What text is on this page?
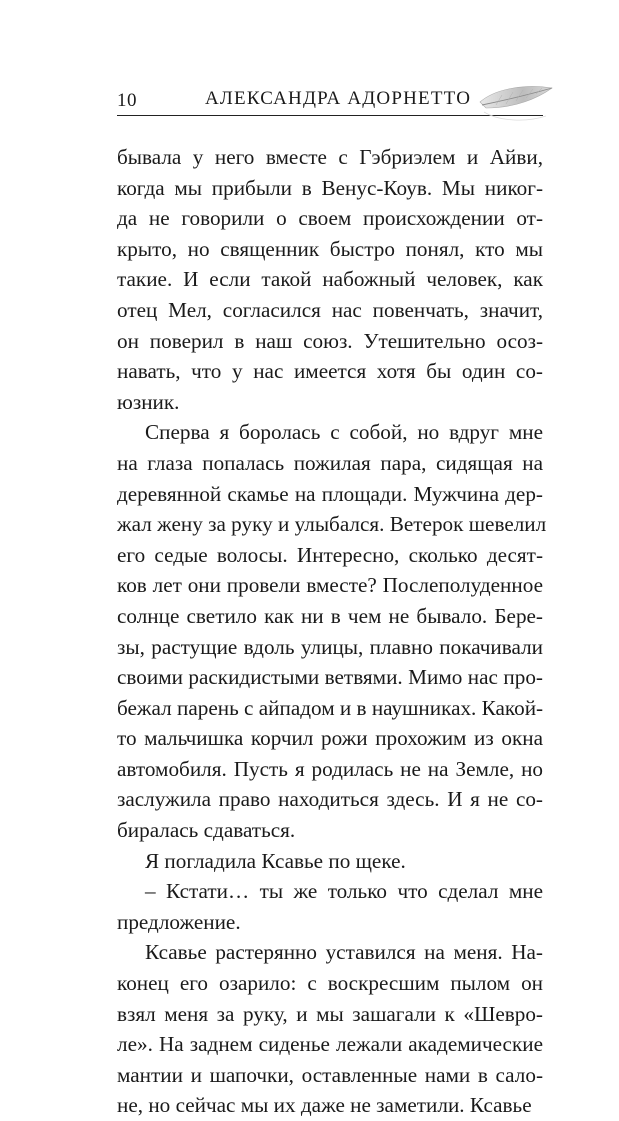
10	АЛЕКСАНДРА АДОРНЕТТО
бывала у него вместе с Гэбриэлем и Айви,
когда мы прибыли в Венус-Коув. Мы никог-
да не говорили о своем происхождении от-
крыто, но священник быстро понял, кто мы
такие. И если такой набожный человек, как
отец Мел, согласился нас повенчать, значит,
он поверил в наш союз. Утешительно осоз-
навать, что у нас имеется хотя бы один со-
юзник.
Сперва я боролась с собой, но вдруг мне
на глаза попалась пожилая пара, сидящая на
деревянной скамье на площади. Мужчина дер-
жал жену за руку и улыбался. Ветерок шевелил
его седые волосы. Интересно, сколько десят-
ков лет они провели вместе? Послеполуденное
солнце светило как ни в чем не бывало. Бере-
зы, растущие вдоль улицы, плавно покачивали
своими раскидистыми ветвями. Мимо нас про-
бежал парень с айпадом и в наушниках. Какой-
то мальчишка корчил рожи прохожим из окна
автомобиля. Пусть я родилась не на Земле, но
заслужила право находиться здесь. И я не со-
биралась сдаваться.
Я погладила Ксавье по щеке.
– Кстати… ты же только что сделал мне
предложение.
Ксавье растерянно уставился на меня. На-
конец его озарило: с воскресшим пылом он
взял меня за руку, и мы зашагали к «Шевро-
ле». На заднем сиденье лежали академические
мантии и шапочки, оставленные нами в сало-
не, но сейчас мы их даже не заметили. Ксавье
